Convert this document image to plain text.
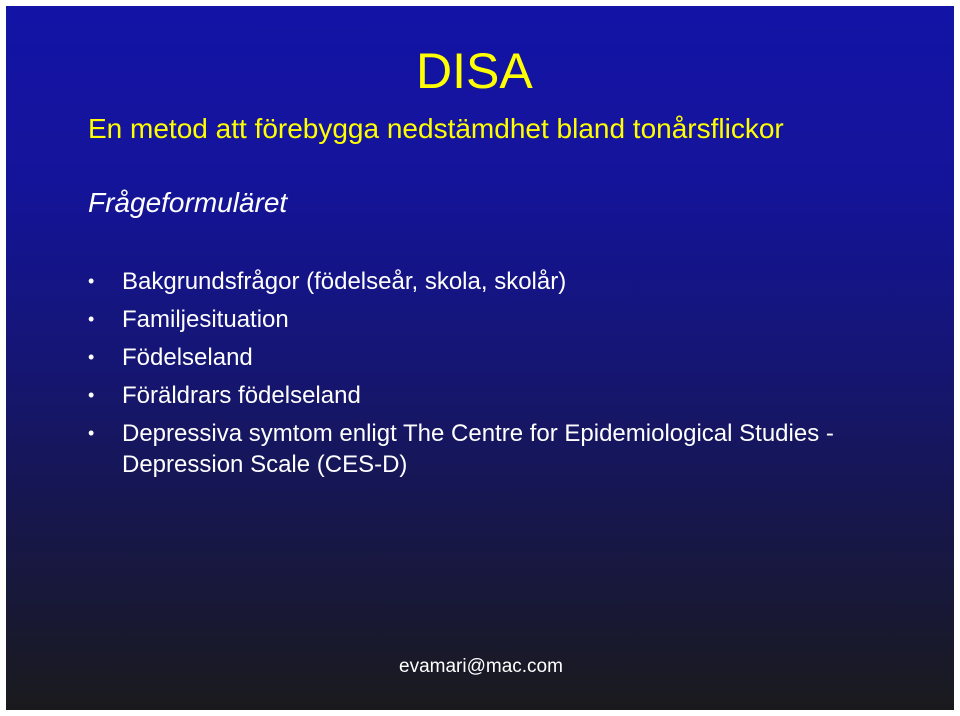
DISA
En metod att förebygga nedstämdhet bland tonårsflickor
Frågeformuläret
• Bakgrundsfrågor (födelseår, skola, skolår)
• Familjesituation
• Födelseland
• Föräldrars födelseland
• Depressiva symtom enligt The Centre for Epidemiological Studies - Depression Scale (CES-D)
evamari@mac.com
